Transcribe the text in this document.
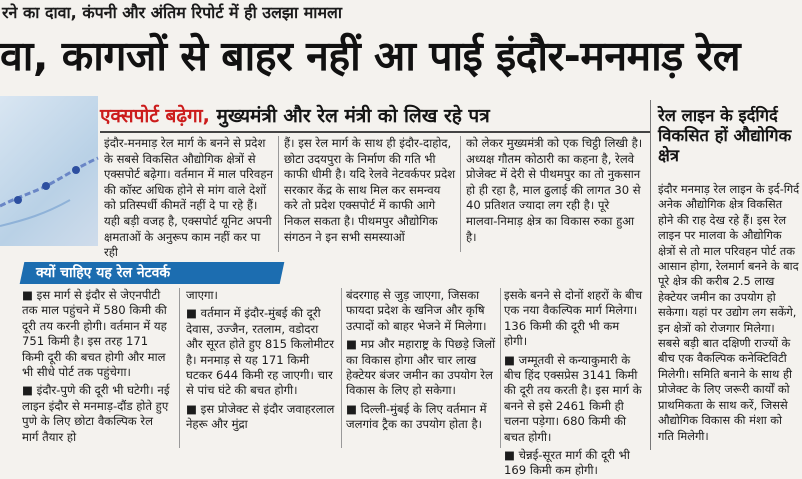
रने का दावा, कंपनी और अंतिम रिपोर्ट में ही उलझा मामला
वा, कागजों से बाहर नहीं आ पाई इंदौर-मनमाड़ रेल
एक्सपोर्ट बढ़ेगा, मुख्यमंत्री और रेल मंत्री को लिख रहे पत्र

इंदौर-मनमाड़ रेल मार्ग के बनने से प्रदेश के सबसे विकसित औद्योगिक क्षेत्रों से एक्सपोर्ट बढ़ेगा। वर्तमान में माल परिवहन की कॉस्ट अधिक होने से मांग वाले देशों को प्रतिस्पर्धी कीमतें नहीं दे पा रहे हैं। यही बड़ी वजह है, एक्सपोर्ट यूनिट अपनी क्षमताओं के अनुरूप काम नहीं कर पा रही

हैं। इस रेल मार्ग के साथ ही इंदौर-दाहोद, छोटा उदयपुरा के निर्माण की गति भी काफी धीमी है। यदि रेलवे नेटवर्कपर प्रदेश सरकार केंद्र के साथ मिल कर समन्वय करे तो प्रदेश एक्सपोर्ट में काफी आगे निकल सकता है। पीथमपुर औद्योगिक संगठन ने इन सभी समस्याओं

को लेकर मुख्यमंत्री को एक चिट्ठी लिखी है। अध्यक्ष गौतम कोठारी का कहना है, रेलवे प्रोजेक्ट में देरी से पीथमपुर का तो नुकसान हो ही रहा है, माल ढुलाई की लागत 30 से 40 प्रतिशत ज्यादा लग रही है। पूरे मालवा-निमाड़ क्षेत्र का विकास रुका हुआ है।

क्यों चाहिए यह रेल नेटवर्क

■ इस मार्ग से इंदौर से जेएनपीटी तक माल पहुंचने में 580 किमी की दूरी तय करनी होगी। वर्तमान में यह 751 किमी है। इस तरह 171 किमी दूरी की बचत होगी और माल भी सीधे पोर्ट तक पहुंचेगा।

■ इंदौर-पुणे की दूरी भी घटेगी। नई लाइन इंदौर से मनमाड़-दौंड होते हुए पुणे के लिए छोटा वैकल्पिक रेल मार्ग तैयार हो

जाएगा।

■ वर्तमान में इंदौर-मुंबई की दूरी देवास, उज्जैन, रतलाम, वडोदरा और सूरत होते हुए 815 किलोमीटर है। मनमाड़ से यह 171 किमी घटकर 644 किमी रह जाएगी। चार से पांच घंटे की बचत होगी।

■ इस प्रोजेक्ट से इंदौर जवाहरलाल नेहरू और मुंद्रा

बंदरगाह से जुड़ जाएगा, जिसका फायदा प्रदेश के खनिज और कृषि उत्पादों को बाहर भेजने में मिलेगा।

■ मप्र और महाराष्ट्र के पिछड़े जिलों का विकास होगा और चार लाख हेक्टेयर बंजर जमीन का उपयोग रेल विकास के लिए हो सकेगा।

■ दिल्ली-मुंबई के लिए वर्तमान में जलगांव ट्रैक का उपयोग होता है।

इसके बनने से दोनों शहरों के बीच एक नया वैकल्पिक मार्ग मिलेगा। 136 किमी की दूरी भी कम होगी।

■ जम्मूतवी से कन्याकुमारी के बीच हिंद एक्सप्रेस 3141 किमी की दूरी तय करती है। इस मार्ग के बनने से इसे 2461 किमी ही चलना पड़ेगा। 680 किमी की बचत होगी।

■ चेन्नई-सूरत मार्ग की दूरी भी 169 किमी कम होगी।

रेल लाइन के इर्दगिर्द विकसित हों औद्योगिक क्षेत्र

इंदौर मनमाड़ रेल लाइन के इर्द-गिर्द अनेक औद्योगिक क्षेत्र विकसित होने की राह देख रहे हैं। इस रेल लाइन पर मालवा के औद्योगिक क्षेत्रों से तो माल परिवहन पोर्ट तक आसान होगा, रेलमार्ग बनने के बाद पूरे क्षेत्र की करीब 2.5 लाख हेक्टेयर जमीन का उपयोग हो सकेगा। यहां पर उद्योग लग सकेंगे, इन क्षेत्रों को रोजगार मिलेगा। सबसे बड़ी बात दक्षिणी राज्यों के बीच एक वैकल्पिक कनेक्टिविटी मिलेगी। समिति बनाने के साथ ही प्रोजेक्ट के लिए जरूरी कार्यों को प्राथमिकता के साथ करें, जिससे औद्योगिक विकास की मंशा को गति मिलेगी।
